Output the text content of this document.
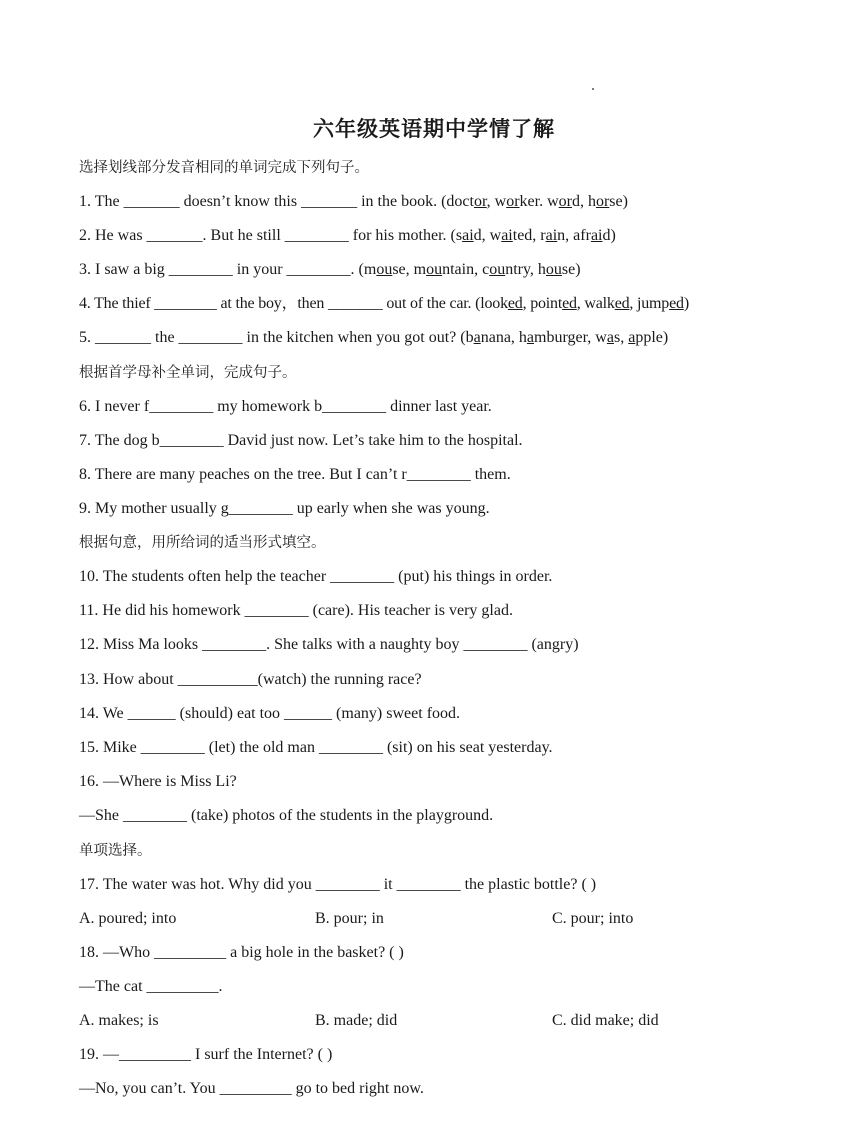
六年级英语期中学情了解
选择划线部分发音相同的单词完成下列句子。
1. The _______ doesn’t know this _______ in the book. (doctor, worker. word, horse)
2. He was _______. But he still ________ for his mother. (said, waited, rain, afraid)
3. I saw a big ________ in your ________. (mouse, mountain, country, house)
4. The thief ________ at the boy，then _______ out of the car. (looked, pointed, walked, jumped)
5. _______ the ________ in the kitchen when you got out? (banana, hamburger, was, apple)
根据首学母补全单词，完成句子。
6. I never f________ my homework b________ dinner last year.
7. The dog b________ David just now. Let’s take him to the hospital.
8. There are many peaches on the tree. But I can’t r________ them.
9. My mother usually g________ up early when she was young.
根据句意，用所给词的适当形式填空。
10. The students often help the teacher ________ (put) his things in order.
11. He did his homework ________ (care). His teacher is very glad.
12. Miss Ma looks ________. She talks with a naughty boy ________ (angry)
13. How about __________(watch) the running race?
14. We ______ (should) eat too ______ (many) sweet food.
15. Mike ________ (let) the old man ________ (sit) on his seat yesterday.
16. —Where is Miss Li?
—She ________ (take) photos of the students in the playground.
单项选择。
17. The water was hot. Why did you ________ it ________ the plastic bottle? ( )
A. poured; into	B. pour; in	C. pour; into
18. —Who _________ a big hole in the basket? ( )
—The cat _________.
A. makes; is	B. made; did	C. did make; did
19. —_________ I surf the Internet? ( )
—No, you can’t. You _________ go to bed right now.
